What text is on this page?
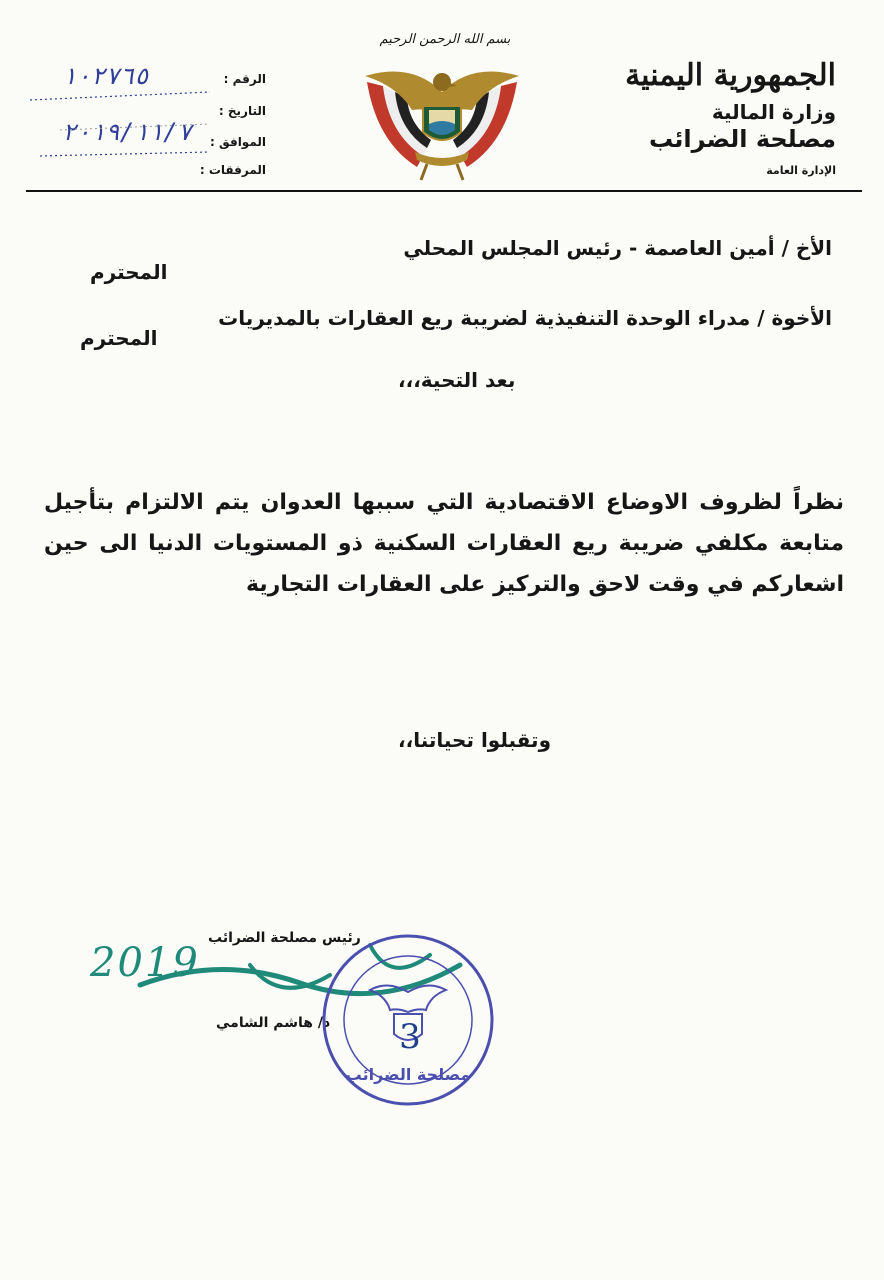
الجمهورية اليمنية
وزارة المالية
مصلحة الضرائب
الإدارة العامة
بسم الله الرحمن الرحيم
الرقم :
١٠٢٧٦٥
التاريخ :
الموافق :
٢٠١٩/١١/٧
المرفقات :
الأخ / أمين العاصمة - رئيس المجلس المحلي
المحترم
الأخوة / مدراء الوحدة التنفيذية لضريبة ريع العقارات بالمديريات
المحترم
بعد التحية،،،
نظراً لظروف الاوضاع الاقتصادية التي سببها العدوان يتم الالتزام بتأجيل متابعة مكلفي ضريبة ريع العقارات السكنية ذو المستويات الدنيا الى حين اشعاركم في وقت لاحق والتركيز على العقارات التجارية
وتقبلوا تحياتنا،،
رئيس مصلحة الضرائب
د/ هاشم الشامي
2019
مصلحة الضرائب
3
